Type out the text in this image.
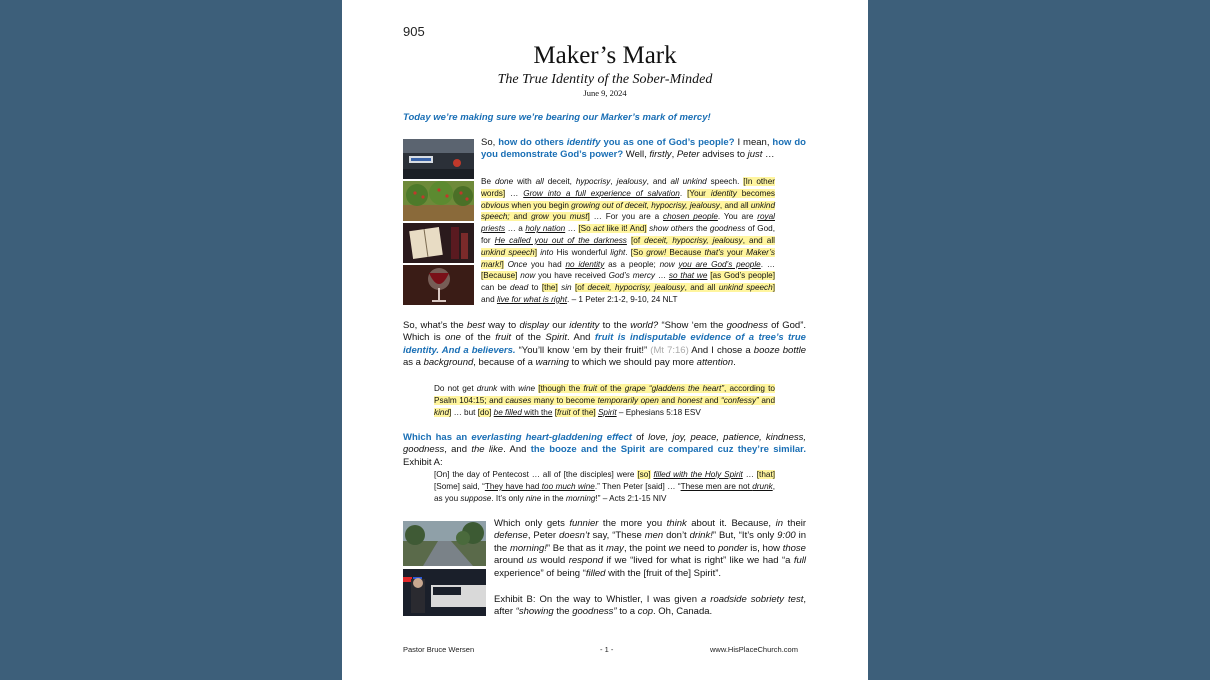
905
Maker’s Mark
The True Identity of the Sober-Minded
June 9, 2024
Today we’re making sure we’re bearing our Marker’s mark of mercy!

So, how do others identify you as one of God’s people? I mean, how do you demonstrate God’s power? Well, firstly, Peter advises to just …

Be done with all deceit, hypocrisy, jealousy, and all unkind speech. [In other words] … Grow into a full experience of salvation. [Your identity becomes obvious when you begin growing out of deceit, hypocrisy, jealousy, and all unkind speech; and grow you must] … For you are a chosen people. You are royal priests … a holy nation … [So act like it! And] show others the goodness of God, for He called you out of the darkness [of deceit, hypocrisy, jealousy, and all unkind speech] into His wonderful light. [So grow! Because that’s your Maker’s mark!] Once you had no identity as a people; now you are God’s people. … [Because] now you have received God’s mercy … so that we [as God’s people] can be dead to [the] sin [of deceit, hypocrisy, jealousy, and all unkind speech] and live for what is right. – 1 Peter 2:1-2, 9-10, 24 NLT

So, what’s the best way to display our identity to the world? “Show ‘em the goodness of God”. Which is one of the fruit of the Spirit. And fruit is indisputable evidence of a tree’s true identity. And a believers. “You’ll know ‘em by their fruit!” (Mt 7:16) And I chose a booze bottle as a background, because of a warning to which we should pay more attention.

Do not get drunk with wine [though the fruit of the grape “gladdens the heart”, according to Psalm 104:15; and causes many to become temporarily open and honest and “confessy” and kind] … but [do] be filled with the [fruit of the] Spirit – Ephesians 5:18 ESV

Which has an everlasting heart-gladdening effect of love, joy, peace, patience, kindness, goodness, and the like. And the booze and the Spirit are compared cuz they’re similar. Exhibit A:

[On] the day of Pentecost … all of [the disciples] were [so] filled with the Holy Spirit … [that] [Some] said, “They have had too much wine.” Then Peter [said] … “These men are not drunk, as you suppose. It’s only nine in the morning!” – Acts 2:1-15 NIV

Which only gets funnier the more you think about it. Because, in their defense, Peter doesn’t say, “These men don’t drink!” But, “It’s only 9:00 in the morning!” Be that as it may, the point we need to ponder is, how those around us would respond if we “lived for what is right” like we had “a full experience” of being “filled with the [fruit of the] Spirit”.

Exhibit B: On the way to Whistler, I was given a roadside sobriety test, after “showing the goodness” to a cop. Oh, Canada.

Pastor Bruce Wersen	- 1 -	www.HisPlaceChurch.com
